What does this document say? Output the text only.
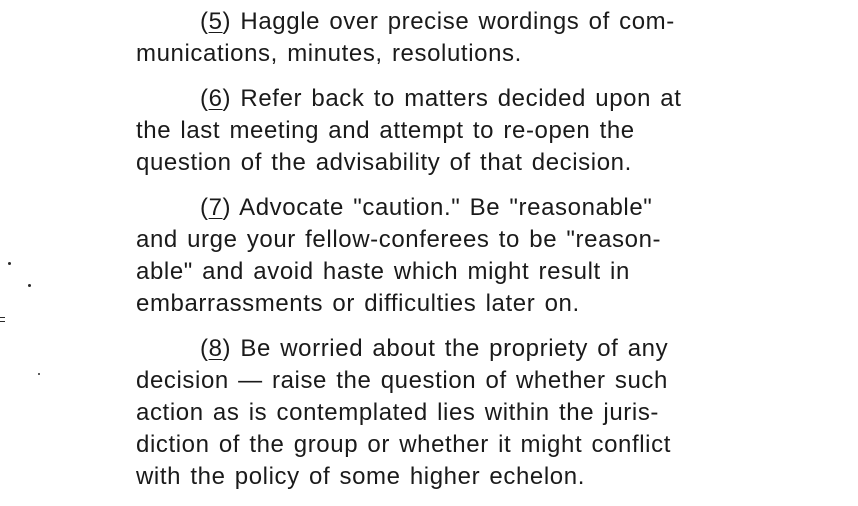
(5) Haggle over precise wordings of com-
munications, minutes, resolutions.

(6) Refer back to matters decided upon at
the last meeting and attempt to re-open the
question of the advisability of that decision.

(7) Advocate "caution." Be "reasonable"
and urge your fellow-conferees to be "reason-
able" and avoid haste which might result in
embarrassments or difficulties later on.

(8) Be worried about the propriety of any
decision — raise the question of whether such
action as is contemplated lies within the juris-
diction of the group or whether it might conflict
with the policy of some higher echelon.
